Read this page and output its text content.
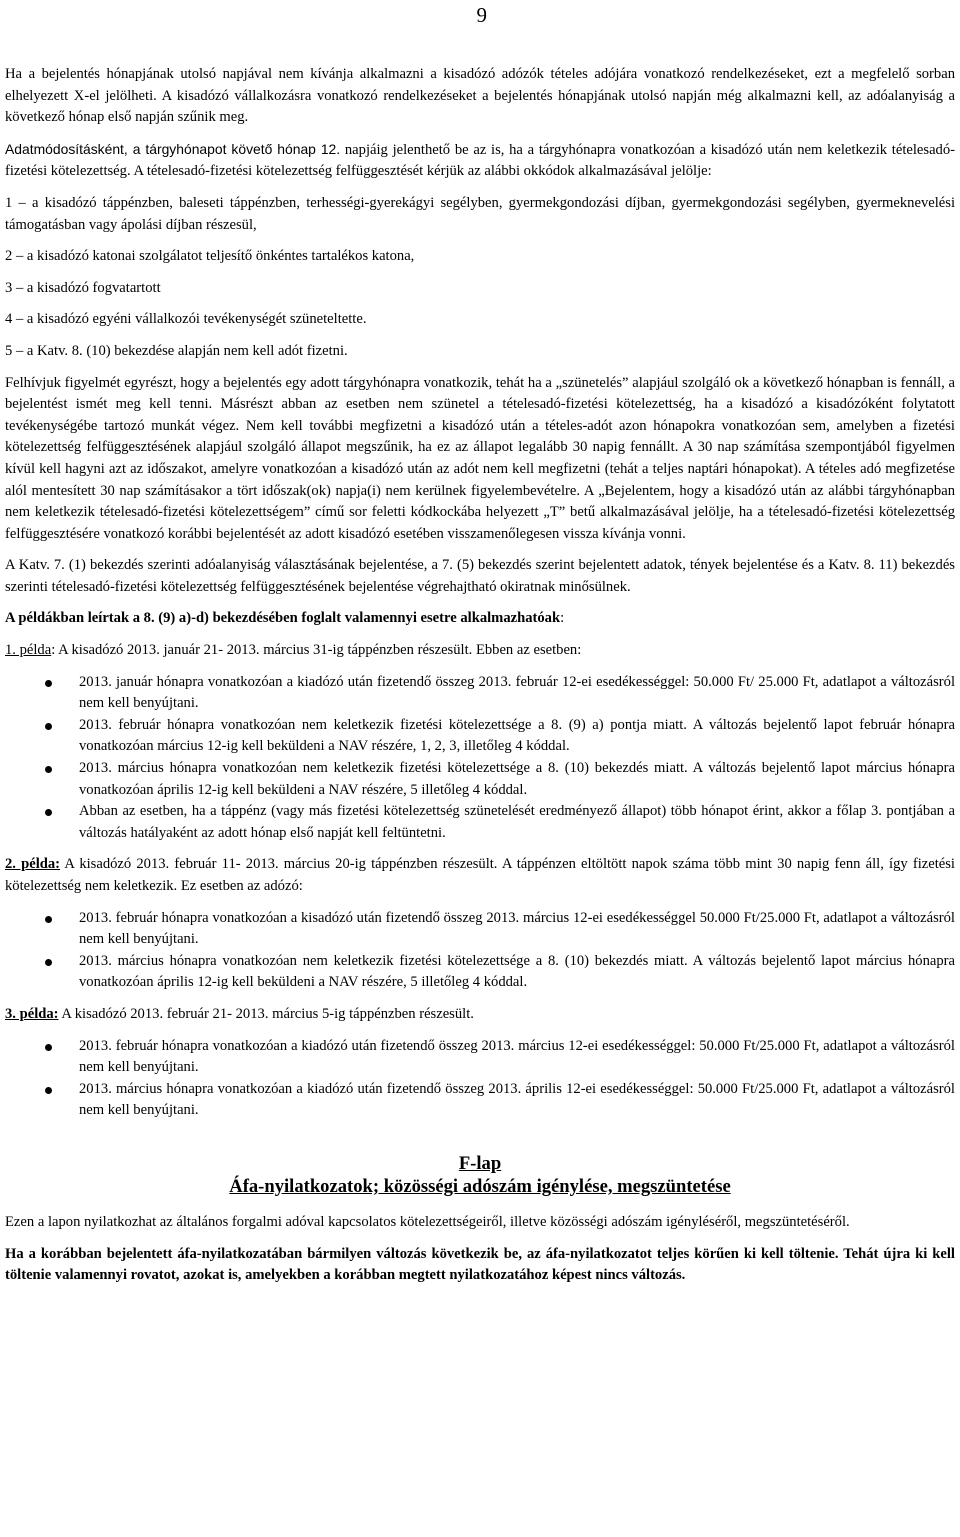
9

Ha a bejelentés hónapjának utolsó napjával nem kívánja alkalmazni a kisadózó adózók tételes adójára vonatkozó rendelkezéseket, ezt a megfelelő sorban elhelyezett X-el jelölheti. A kisadózó vállalkozásra vonatkozó rendelkezéseket a bejelentés hónapjának utolsó napján még alkalmazni kell, az adóalanyiság a következő hónap első napján szűnik meg.

Adatmódosításként, a tárgyhónapot követő hónap 12. napjáig jelenthető be az is, ha a tárgyhónapra vonatkozóan a kisadózó után nem keletkezik tételesadó-fizetési kötelezettség. A tételesadó-fizetési kötelezettség felfüggesztését kérjük az alábbi okkódok alkalmazásával jelölje:

1 – a kisadózó táppénzben, baleseti táppénzben, terhességi-gyerekágyi segélyben, gyermekgondozási díjban, gyermekgondozási segélyben, gyermeknevelési támogatásban vagy ápolási díjban részesül,

2 – a kisadózó katonai szolgálatot teljesítő önkéntes tartalékos katona,

3 – a kisadózó fogvatartott

4 – a kisadózó egyéni vállalkozói tevékenységét szüneteltette.

5 – a Katv. 8. (10) bekezdése alapján nem kell adót fizetni.

Felhívjuk figyelmét egyrészt, hogy a bejelentés egy adott tárgyhónapra vonatkozik, tehát ha a „szünetelés” alapjául szolgáló ok a következő hónapban is fennáll, a bejelentést ismét meg kell tenni. Másrészt abban az esetben nem szünetel a tételesadó-fizetési kötelezettség, ha a kisadózó a kisadózóként folytatott tevékenységébe tartozó munkát végez. Nem kell további megfizetni a kisadózó után a tételes-adót azon hónapokra vonatkozóan sem, amelyben a fizetési kötelezettség felfüggesztésének alapjául szolgáló állapot megszűnik, ha ez az állapot legalább 30 napig fennállt. A 30 nap számítása szempontjából figyelmen kívül kell hagyni azt az időszakot, amelyre vonatkozóan a kisadózó után az adót nem kell megfizetni (tehát a teljes naptári hónapokat). A tételes adó megfizetése alól mentesített 30 nap számításakor a tört időszak(ok) napja(i) nem kerülnek figyelembevételre. A „Bejelentem, hogy a kisadózó után az alábbi tárgyhónapban nem keletkezik tételesadó-fizetési kötelezettségem” című sor feletti kódkockába helyezett „T” betű alkalmazásával jelölje, ha a tételesadó-fizetési kötelezettség felfüggesztésére vonatkozó korábbi bejelentését az adott kisadózó esetében visszamenőlegesen vissza kívánja vonni.

A Katv. 7. (1) bekezdés szerinti adóalanyiság választásának bejelentése, a 7. (5) bekezdés szerint bejelentett adatok, tények bejelentése és a Katv. 8. 11) bekezdés szerinti tételesadó-fizetési kötelezettség felfüggesztésének bejelentése végrehajtható okiratnak minősülnek.

A példákban leírtak a 8. (9) a)-d) bekezdésében foglalt valamennyi esetre alkalmazhatóak:

1. példa: A kisadózó 2013. január 21- 2013. március 31-ig táppénzben részesült. Ebben az esetben:

2013. január hónapra vonatkozóan a kiadózó után fizetendő összeg 2013. február 12-ei esedékességgel: 50.000 Ft/ 25.000 Ft, adatlapot a változásról nem kell benyújtani.
2013. február hónapra vonatkozóan nem keletkezik fizetési kötelezettsége a 8. (9) a) pontja miatt. A változás bejelentő lapot február hónapra vonatkozóan március 12-ig kell beküldeni a NAV részére, 1, 2, 3, illetőleg 4 kóddal.
2013. március hónapra vonatkozóan nem keletkezik fizetési kötelezettsége a 8. (10) bekezdés miatt. A változás bejelentő lapot március hónapra vonatkozóan április 12-ig kell beküldeni a NAV részére, 5 illetőleg 4 kóddal.
Abban az esetben, ha a táppénz (vagy más fizetési kötelezettség szünetelését eredményező állapot) több hónapot érint, akkor a főlap 3. pontjában a változás hatályaként az adott hónap első napját kell feltüntetni.

2. példa: A kisadózó 2013. február 11- 2013. március 20-ig táppénzben részesült. A táppénzen eltöltött napok száma több mint 30 napig fenn áll, így fizetési kötelezettség nem keletkezik. Ez esetben az adózó:

2013. február hónapra vonatkozóan a kisadózó után fizetendő összeg 2013. március 12-ei esedékességgel 50.000 Ft/25.000 Ft, adatlapot a változásról nem kell benyújtani.
2013. március hónapra vonatkozóan nem keletkezik fizetési kötelezettsége a 8. (10) bekezdés miatt. A változás bejelentő lapot március hónapra vonatkozóan április 12-ig kell beküldeni a NAV részére, 5 illetőleg 4 kóddal.

3. példa: A kisadózó 2013. február 21- 2013. március 5-ig táppénzben részesült.

2013. február hónapra vonatkozóan a kiadózó után fizetendő összeg 2013. március 12-ei esedékességgel: 50.000 Ft/25.000 Ft, adatlapot a változásról nem kell benyújtani.
2013. március hónapra vonatkozóan a kiadózó után fizetendő összeg 2013. április 12-ei esedékességgel: 50.000 Ft/25.000 Ft, adatlapot a változásról nem kell benyújtani.

F-lap

Áfa-nyilatkozatok; közösségi adószám igénylése, megszüntetése

Ezen a lapon nyilatkozhat az általános forgalmi adóval kapcsolatos kötelezettségeiről, illetve közösségi adószám igényléséről, megszüntetéséről.

Ha a korábban bejelentett áfa-nyilatkozatában bármilyen változás következik be, az áfa-nyilatkozatot teljes körűen ki kell töltenie. Tehát újra ki kell töltenie valamennyi rovatot, azokat is, amelyekben a korábban megtett nyilatkozatához képest nincs változás.
